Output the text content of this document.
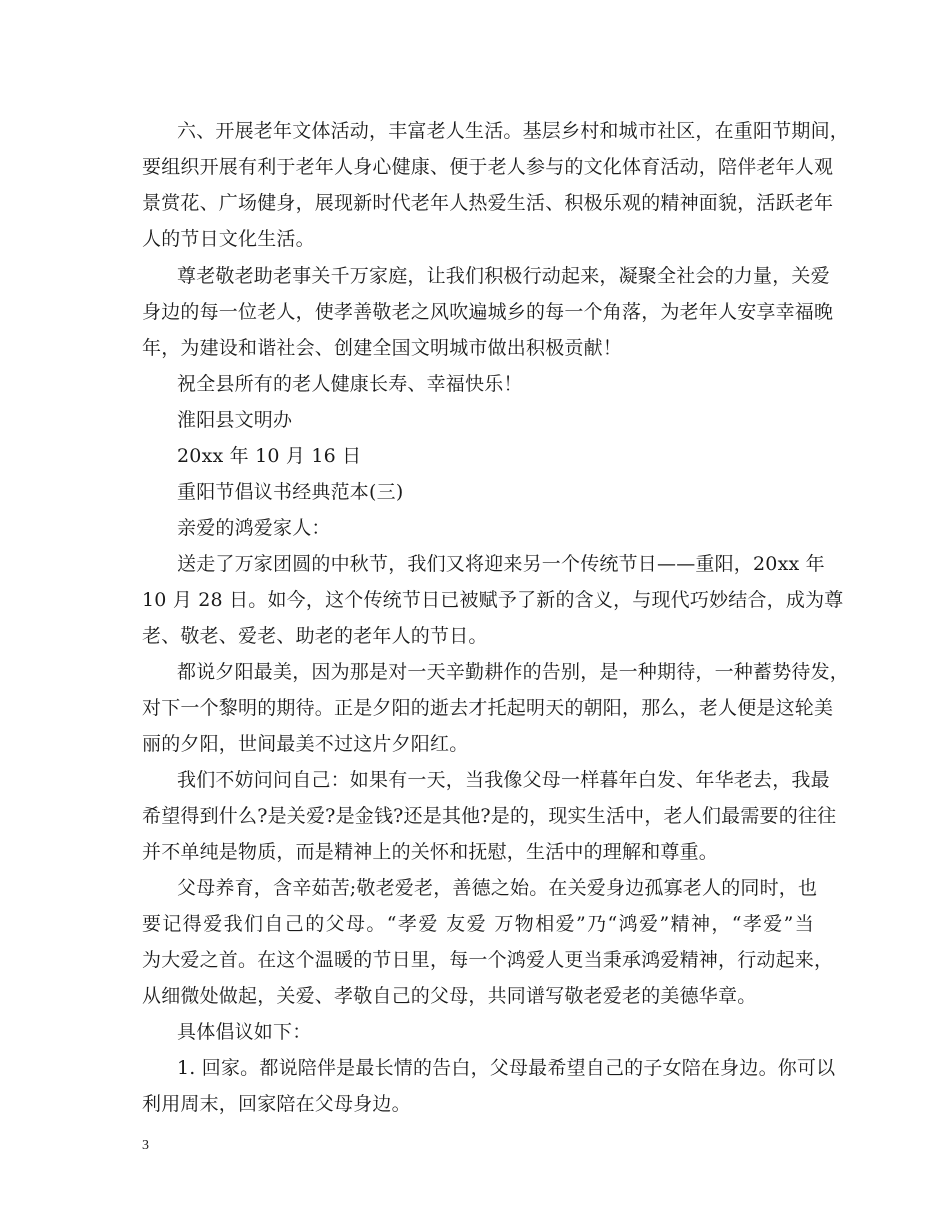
六、开展老年文体活动，丰富老人生活。基层乡村和城市社区，在重阳节期间，
要组织开展有利于老年人身心健康、便于老人参与的文化体育活动，陪伴老年人观
景赏花、广场健身，展现新时代老年人热爱生活、积极乐观的精神面貌，活跃老年
人的节日文化生活。
尊老敬老助老事关千万家庭，让我们积极行动起来，凝聚全社会的力量，关爱
身边的每一位老人，使孝善敬老之风吹遍城乡的每一个角落，为老年人安享幸福晚
年，为建设和谐社会、创建全国文明城市做出积极贡献！
祝全县所有的老人健康长寿、幸福快乐！
淮阳县文明办
20xx 年 10 月 16 日
重阳节倡议书经典范本(三)
亲爱的鸿爱家人：
送走了万家团圆的中秋节，我们又将迎来另一个传统节日——重阳，20xx 年
10 月 28 日。如今，这个传统节日已被赋予了新的含义，与现代巧妙结合，成为尊
老、敬老、爱老、助老的老年人的节日。
都说夕阳最美，因为那是对一天辛勤耕作的告别，是一种期待，一种蓄势待发，
对下一个黎明的期待。正是夕阳的逝去才托起明天的朝阳，那么，老人便是这轮美
丽的夕阳，世间最美不过这片夕阳红。
我们不妨问问自己：如果有一天，当我像父母一样暮年白发、年华老去，我最
希望得到什么?是关爱?是金钱?还是其他?是的，现实生活中，老人们最需要的往往
并不单纯是物质，而是精神上的关怀和抚慰，生活中的理解和尊重。
父母养育，含辛茹苦;敬老爱老，善德之始。在关爱身边孤寡老人的同时，也
要记得爱我们自己的父母。“孝爱 友爱 万物相爱”乃“鸿爱”精神，“孝爱”当
为大爱之首。在这个温暖的节日里，每一个鸿爱人更当秉承鸿爱精神，行动起来，
从细微处做起，关爱、孝敬自己的父母，共同谱写敬老爱老的美德华章。
具体倡议如下：
1. 回家。都说陪伴是最长情的告白，父母最希望自己的子女陪在身边。你可以
利用周末，回家陪在父母身边。
3
